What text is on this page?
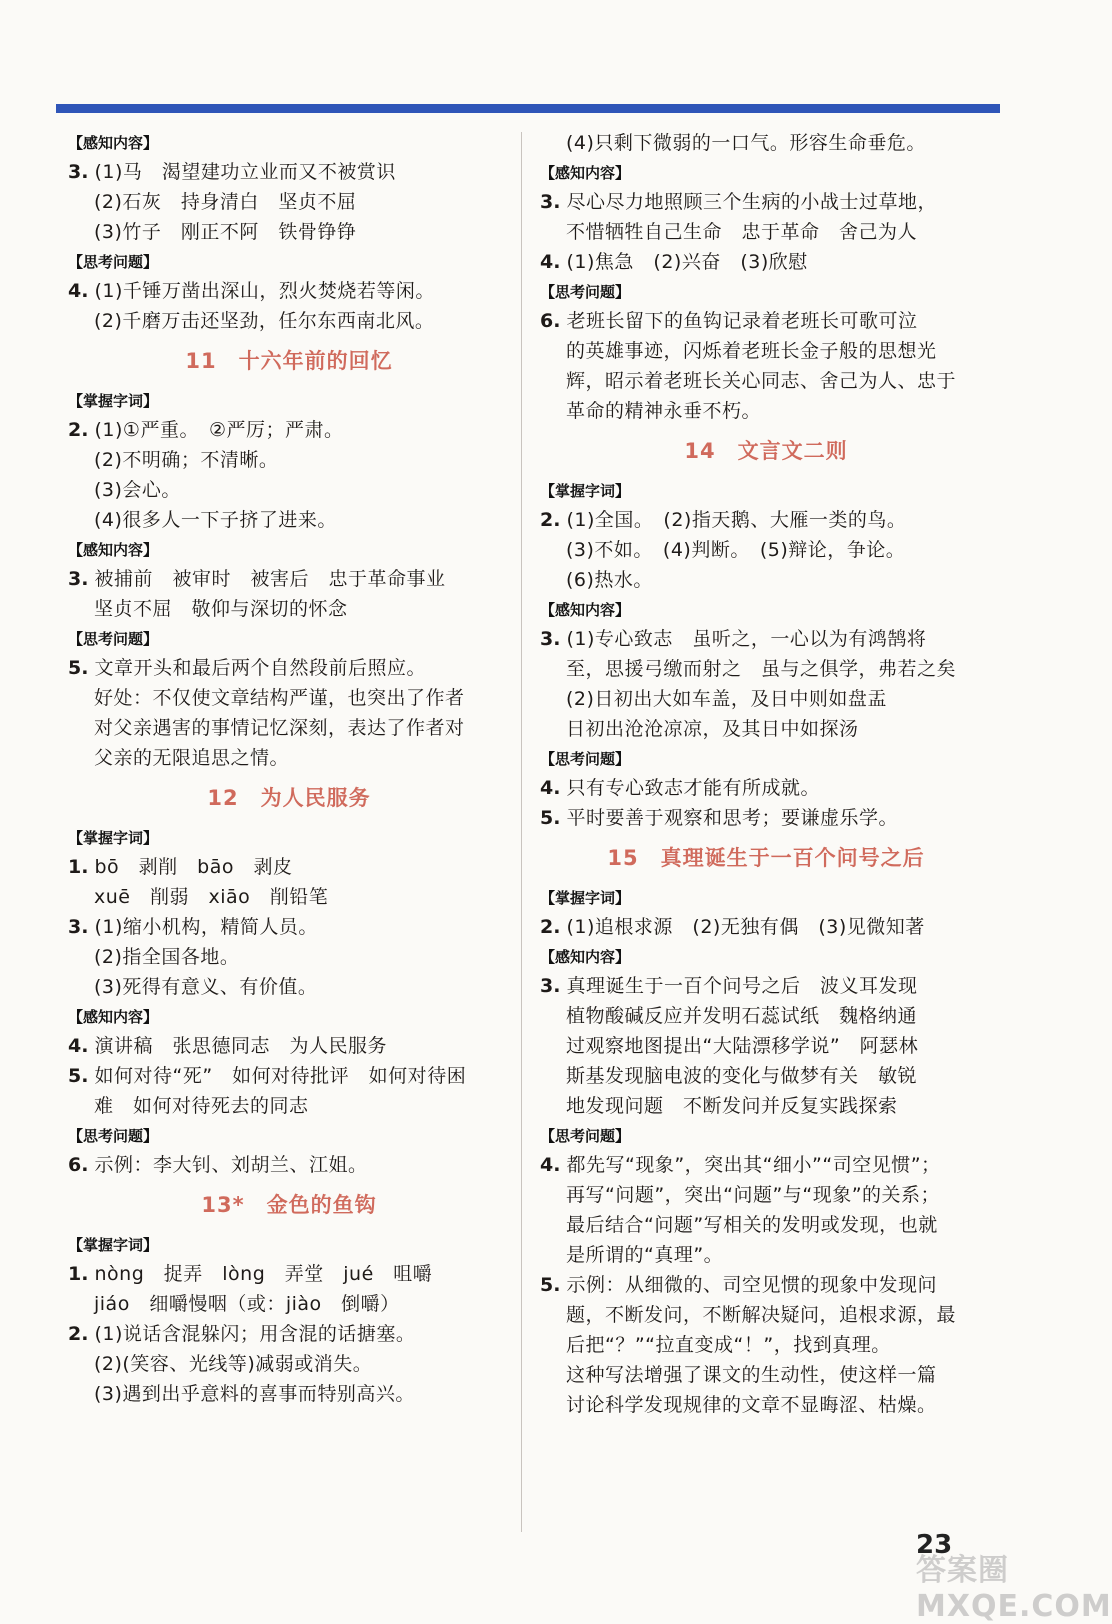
【感知内容】
3. (1)马　渴望建功立业而又不被赏识
(2)石灰　持身清白　坚贞不屈
(3)竹子　刚正不阿　铁骨铮铮
【思考问题】
4. (1)千锤万凿出深山，烈火焚烧若等闲。
(2)千磨万击还坚劲，任尔东西南北风。
11　十六年前的回忆
【掌握字词】
2. (1)①严重。　②严厉；严肃。
(2)不明确；不清晰。
(3)会心。
(4)很多人一下子挤了进来。
【感知内容】
3. 被捕前　被审时　被害后　忠于革命事业
坚贞不屈　敬仰与深切的怀念
【思考问题】
5. 文章开头和最后两个自然段前后照应。
好处：不仅使文章结构严谨，也突出了作者
对父亲遇害的事情记忆深刻，表达了作者对
父亲的无限追思之情。
12　为人民服务
【掌握字词】
1. bō　剥削　bāo　剥皮
xuē　削弱　xiāo　削铅笔
3. (1)缩小机构，精简人员。
(2)指全国各地。
(3)死得有意义、有价值。
【感知内容】
4. 演讲稿　张思德同志　为人民服务
5. 如何对待“死”　如何对待批评　如何对待困
难　如何对待死去的同志
【思考问题】
6. 示例：李大钊、刘胡兰、江姐。
13*　金色的鱼钩
【掌握字词】
1. nòng　捉弄　lòng　弄堂　jué　咀嚼
jiáo　细嚼慢咽（或：jiào　倒嚼）
2. (1)说话含混躲闪；用含混的话搪塞。
(2)(笑容、光线等)减弱或消失。
(3)遇到出乎意料的喜事而特别高兴。
(4)只剩下微弱的一口气。形容生命垂危。
【感知内容】
3. 尽心尽力地照顾三个生病的小战士过草地，
不惜牺牲自己生命　忠于革命　舍己为人
4. (1)焦急　(2)兴奋　(3)欣慰
【思考问题】
6. 老班长留下的鱼钩记录着老班长可歌可泣
的英雄事迹，闪烁着老班长金子般的思想光
辉，昭示着老班长关心同志、舍己为人、忠于
革命的精神永垂不朽。
14　文言文二则
【掌握字词】
2. (1)全国。　(2)指天鹅、大雁一类的鸟。
(3)不如。　(4)判断。　(5)辩论，争论。
(6)热水。
【感知内容】
3. (1)专心致志　虽听之，一心以为有鸿鹄将
至，思援弓缴而射之　虽与之俱学，弗若之矣
(2)日初出大如车盖，及日中则如盘盂
日初出沧沧凉凉，及其日中如探汤
【思考问题】
4. 只有专心致志才能有所成就。
5. 平时要善于观察和思考；要谦虚乐学。
15　真理诞生于一百个问号之后
【掌握字词】
2. (1)追根求源　(2)无独有偶　(3)见微知著
【感知内容】
3. 真理诞生于一百个问号之后　波义耳发现
植物酸碱反应并发明石蕊试纸　魏格纳通
过观察地图提出“大陆漂移学说”　阿瑟林
斯基发现脑电波的变化与做梦有关　敏锐
地发现问题　不断发问并反复实践探索
【思考问题】
4. 都先写“现象”，突出其“细小”“司空见惯”；
再写“问题”，突出“问题”与“现象”的关系；
最后结合“问题”写相关的发明或发现，也就
是所谓的“真理”。
5. 示例：从细微的、司空见惯的现象中发现问
题，不断发问，不断解决疑问，追根求源，最
后把“？”“拉直变成“！”，找到真理。
这种写法增强了课文的生动性，使这样一篇
讨论科学发现规律的文章不显晦涩、枯燥。
23
答案圈 MXQE.COM
